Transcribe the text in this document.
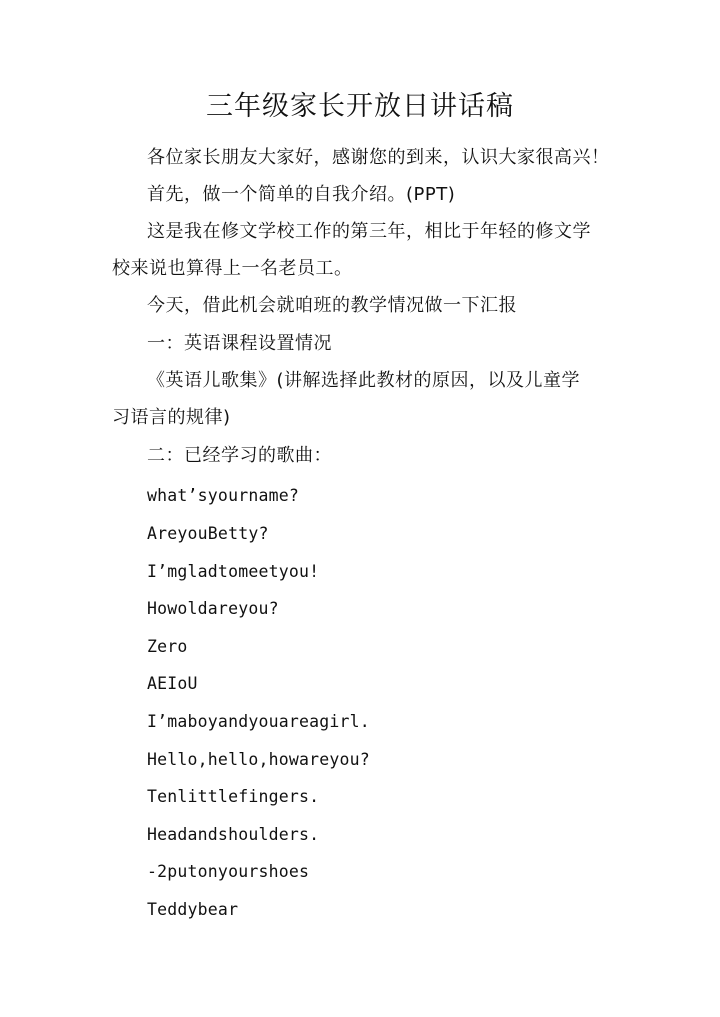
三年级家长开放日讲话稿
各位家长朋友大家好，感谢您的到来，认识大家很高兴！
首先，做一个简单的自我介绍。(PPT)
这是我在修文学校工作的第三年，相比于年轻的修文学
校来说也算得上一名老员工。
今天，借此机会就咱班的教学情况做一下汇报
一：英语课程设置情况
《英语儿歌集》(讲解选择此教材的原因，以及儿童学
习语言的规律)
二：已经学习的歌曲：
what’syourname?
AreyouBetty?
I’mgladtomeetyou!
Howoldareyou?
Zero
AEIoU
I’maboyandyouareagirl.
Hello,hello,howareyou?
Tenlittlefingers.
Headandshoulders.
-2putonyourshoes
Teddybear
